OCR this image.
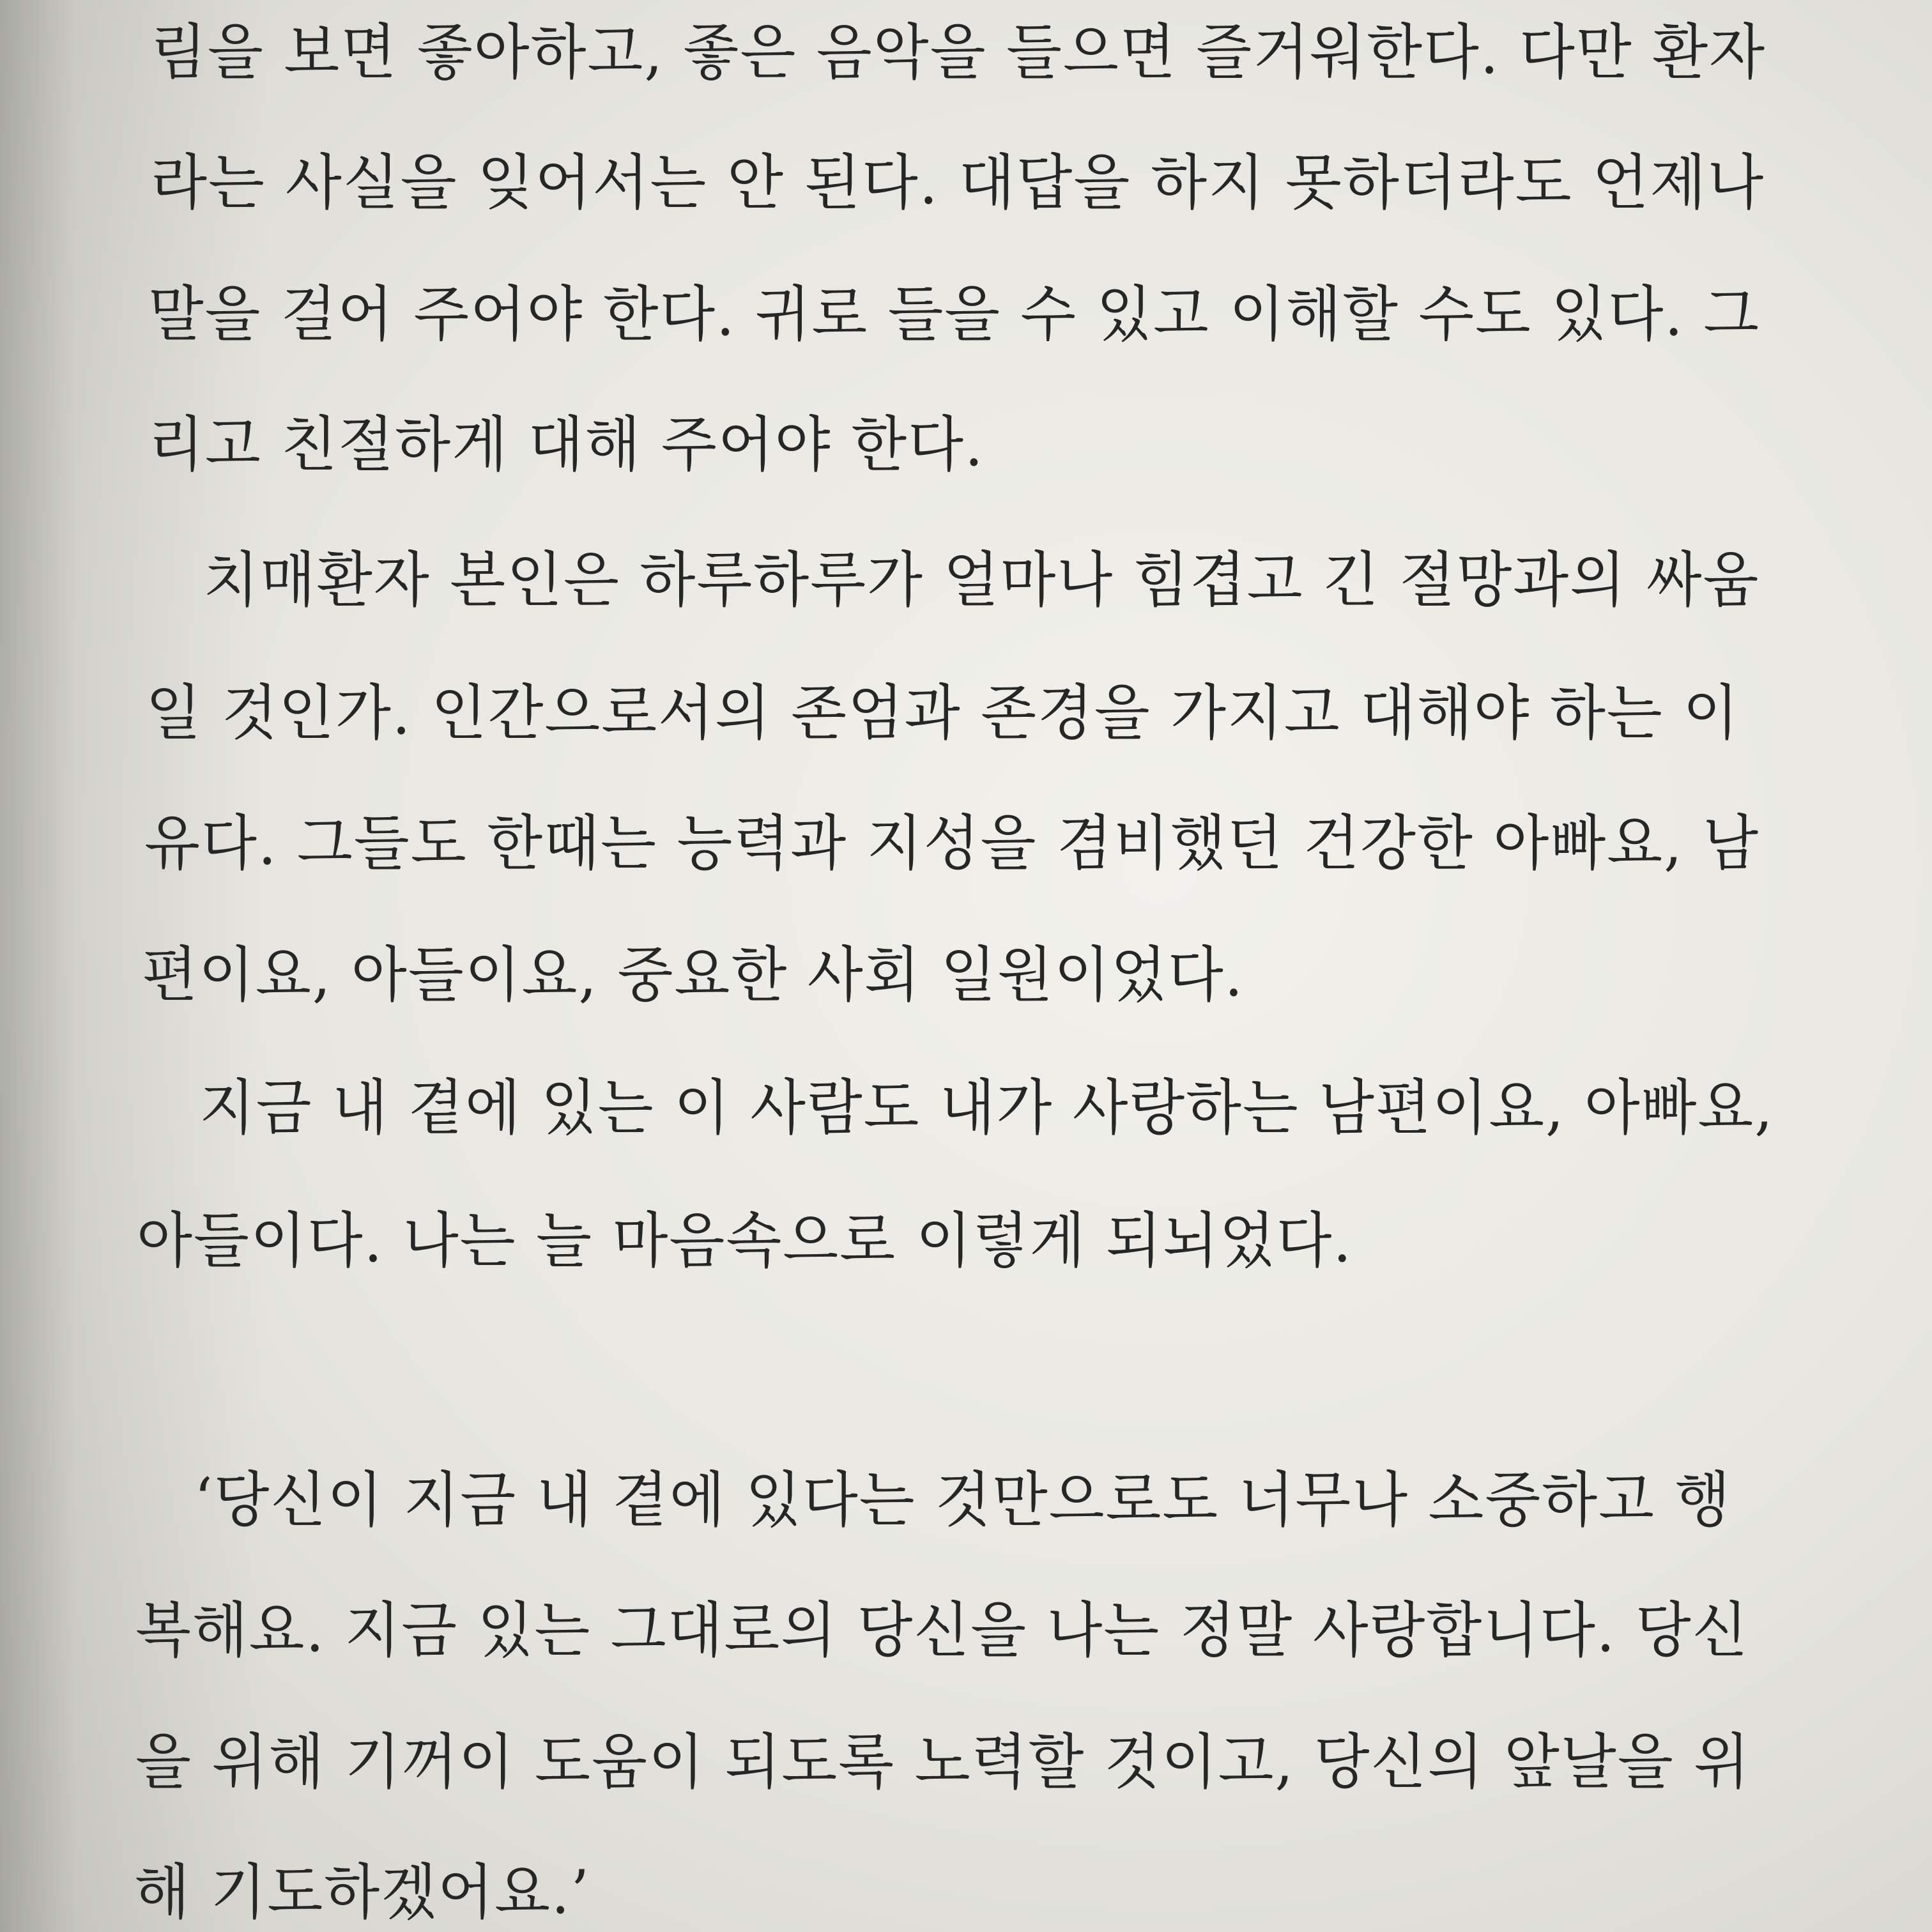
림을 보면 좋아하고, 좋은 음악을 들으면 즐거워한다. 다만 환자
라는 사실을 잊어서는 안 된다. 대답을 하지 못하더라도 언제나
말을 걸어 주어야 한다. 귀로 들을 수 있고 이해할 수도 있다. 그
리고 친절하게 대해 주어야 한다.
치매환자 본인은 하루하루가 얼마나 힘겹고 긴 절망과의 싸움
일 것인가. 인간으로서의 존엄과 존경을 가지고 대해야 하는 이
유다. 그들도 한때는 능력과 지성을 겸비했던 건강한 아빠요, 남
편이요, 아들이요, 중요한 사회 일원이었다.
지금 내 곁에 있는 이 사람도 내가 사랑하는 남편이요, 아빠요,
아들이다. 나는 늘 마음속으로 이렇게 되뇌었다.
‘당신이 지금 내 곁에 있다는 것만으로도 너무나 소중하고 행
복해요. 지금 있는 그대로의 당신을 나는 정말 사랑합니다. 당신
을 위해 기꺼이 도움이 되도록 노력할 것이고, 당신의 앞날을 위
해 기도하겠어요.’
